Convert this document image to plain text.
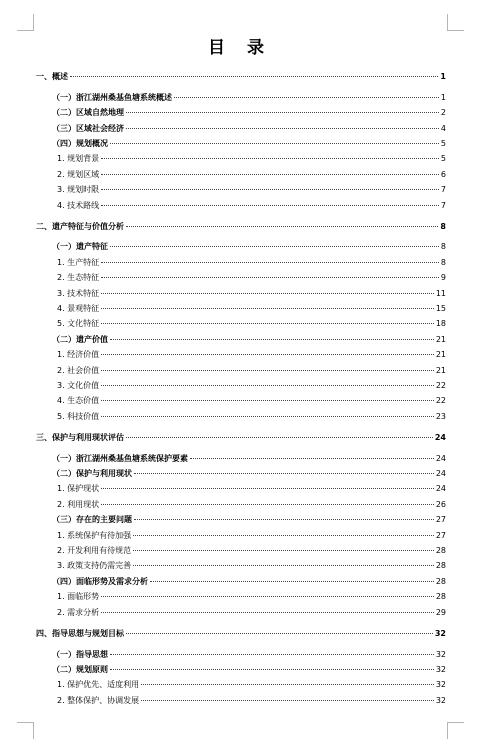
目 录
一、概述	1
（一）浙江湖州桑基鱼塘系统概述	1
（二）区域自然地理	2
（三）区域社会经济	4
（四）规划概况	5
1. 规划背景	5
2. 规划区域	6
3. 规划时限	7
4. 技术路线	7
二、遗产特征与价值分析	8
（一）遗产特征	8
1. 生产特征	8
2. 生态特征	9
3. 技术特征	11
4. 景观特征	15
5. 文化特征	18
（二）遗产价值	21
1. 经济价值	21
2. 社会价值	21
3. 文化价值	22
4. 生态价值	22
5. 科技价值	23
三、保护与利用现状评估	24
（一）浙江湖州桑基鱼塘系统保护要素	24
（二）保护与利用现状	24
1. 保护现状	24
2. 利用现状	26
（三）存在的主要问题	27
1. 系统保护有待加强	27
2. 开发利用有待规范	28
3. 政策支持仍需完善	28
（四）面临形势及需求分析	28
1. 面临形势	28
2. 需求分析	29
四、指导思想与规划目标	32
（一）指导思想	32
（二）规划原则	32
1. 保护优先、适度利用	32
2. 整体保护、协调发展	32
